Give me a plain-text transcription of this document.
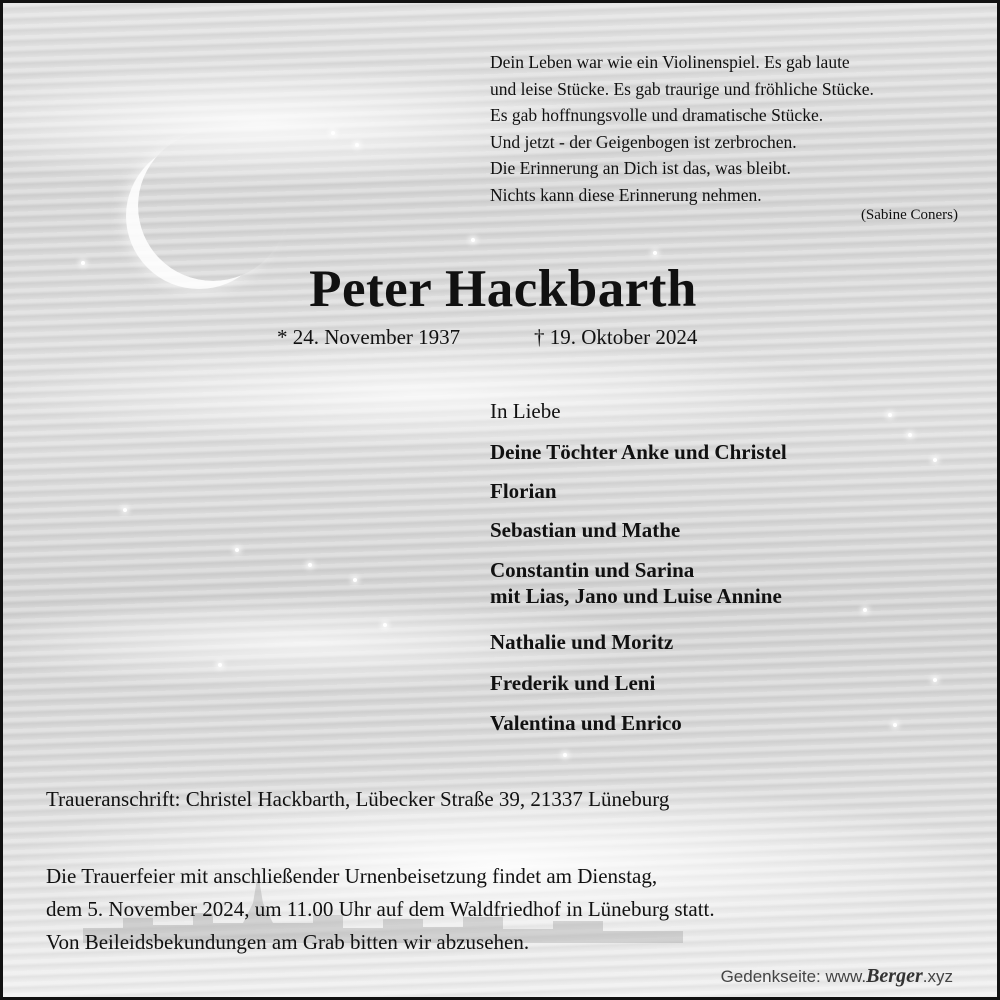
Dein Leben war wie ein Violinenspiel. Es gab laute
und leise Stücke. Es gab traurige und fröhliche Stücke.
Es gab hoffnungsvolle und dramatische Stücke.
Und jetzt - der Geigenbogen ist zerbrochen.
Die Erinnerung an Dich ist das, was bleibt.
Nichts kann diese Erinnerung nehmen.
(Sabine Coners)
Peter Hackbarth
* 24. November 1937	† 19. Oktober 2024
In Liebe
Deine Töchter Anke und Christel
Florian
Sebastian und Mathe
Constantin und Sarina
mit Lias, Jano und Luise Annine
Nathalie und Moritz
Frederik und Leni
Valentina und Enrico
Traueranschrift: Christel Hackbarth, Lübecker Straße 39, 21337 Lüneburg
Die Trauerfeier mit anschließender Urnenbeisetzung findet am Dienstag,
dem 5. November 2024, um 11.00 Uhr auf dem Waldfriedhof in Lüneburg statt.
Von Beileidsbekundungen am Grab bitten wir abzusehen.
Gedenkseite: www.Berger.xyz
